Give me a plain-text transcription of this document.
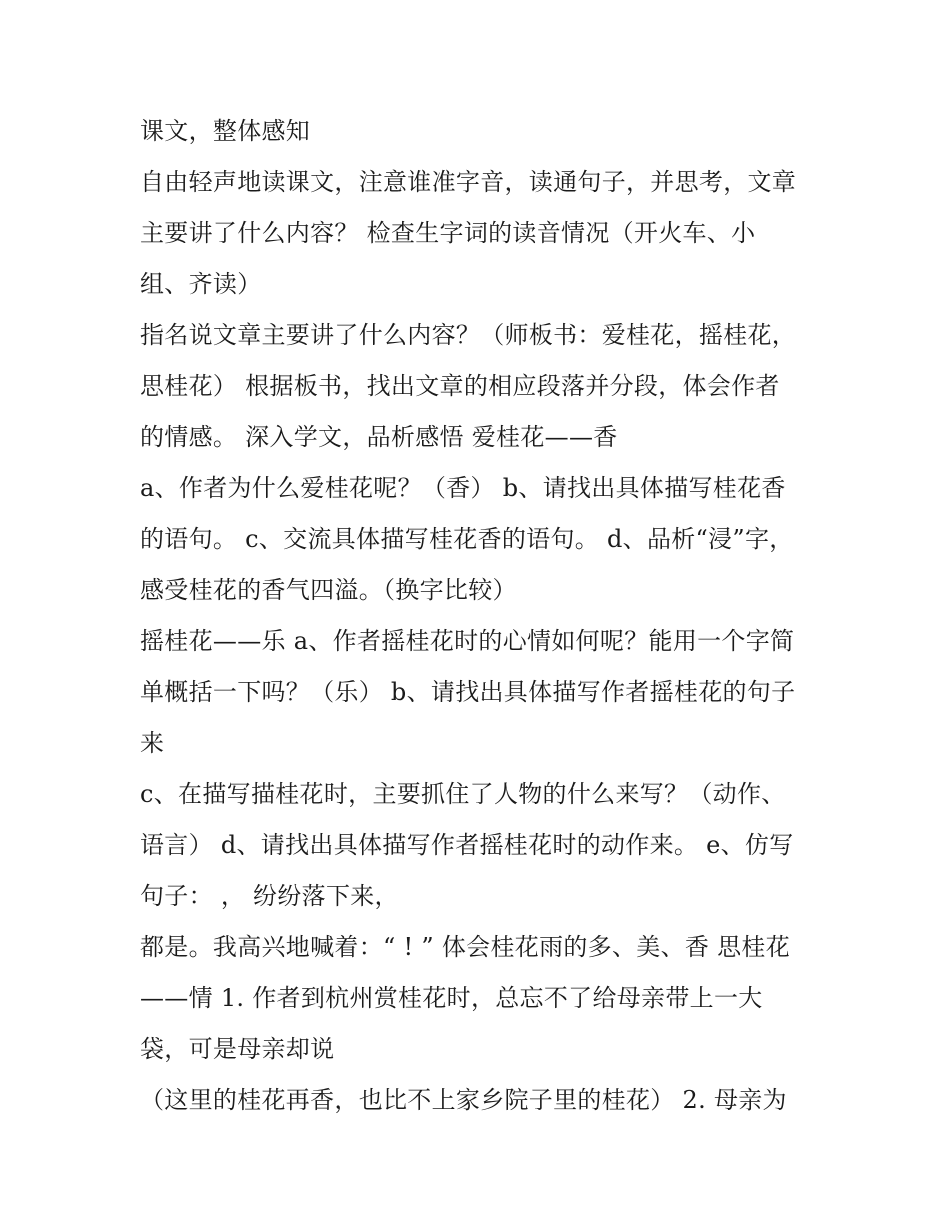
课文，整体感知
自由轻声地读课文，注意谁准字音，读通句子，并思考，文章
主要讲了什么内容？ 检查生字词的读音情况（开火车、小
组、齐读）
指名说文章主要讲了什么内容？（师板书：爱桂花，摇桂花，
思桂花） 根据板书，找出文章的相应段落并分段，体会作者
的情感。 深入学文，品析感悟 爱桂花——香
a、作者为什么爱桂花呢？（香） b、请找出具体描写桂花香
的语句。 c、交流具体描写桂花香的语句。 d、品析“浸”字，
感受桂花的香气四溢。（换字比较）
摇桂花——乐 a、作者摇桂花时的心情如何呢？能用一个字简
单概括一下吗？（乐） b、请找出具体描写作者摇桂花的句子
来
c、在描写描桂花时，主要抓住了人物的什么来写？（动作、
语言） d、请找出具体描写作者摇桂花时的动作来。 e、仿写
句子： ， 纷纷落下来，
都是。我高兴地喊着：“ ! ” 体会桂花雨的多、美、香 思桂花
——情 1. 作者到杭州赏桂花时，总忘不了给母亲带上一大
袋，可是母亲却说
（这里的桂花再香，也比不上家乡院子里的桂花） 2. 母亲为
